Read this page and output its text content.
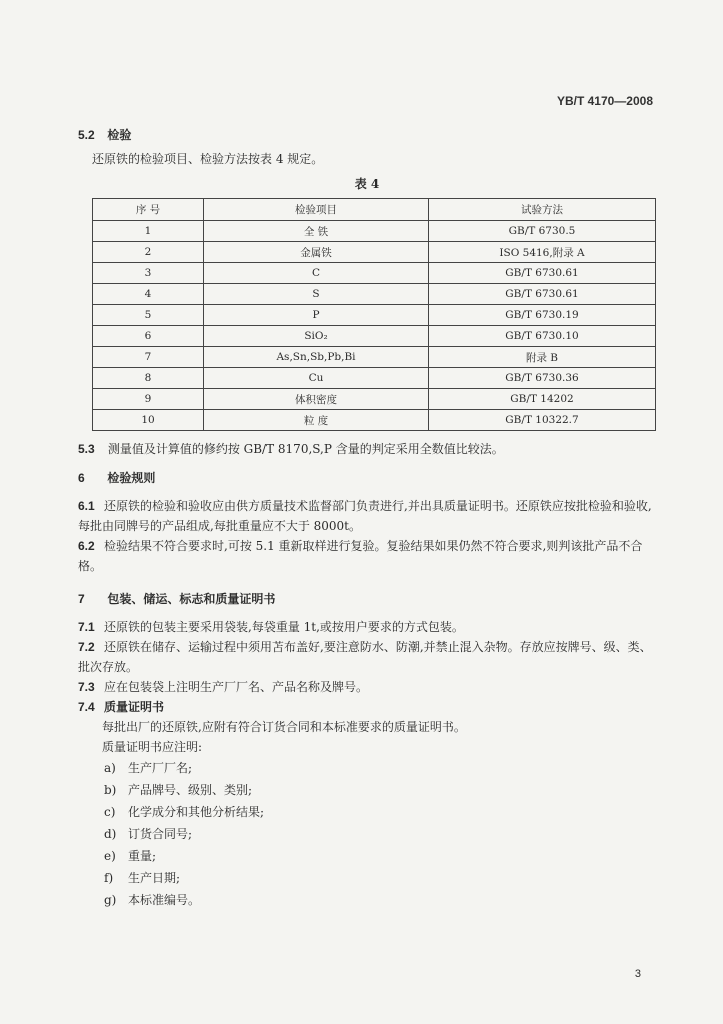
YB/T 4170—2008

5.2 检验

还原铁的检验项目、检验方法按表 4 规定。

表 4
序 号	检验项目	试验方法
1	全 铁	GB/T 6730.5
2	金属铁	ISO 5416,附录 A
3	C	GB/T 6730.61
4	S	GB/T 6730.61
5	P	GB/T 6730.19
6	SiO₂	GB/T 6730.10
7	As,Sn,Sb,Pb,Bi	附录 B
8	Cu	GB/T 6730.36
9	体积密度	GB/T 14202
10	粒 度	GB/T 10322.7

5.3 测量值及计算值的修约按 GB/T 8170,S,P 含量的判定采用全数值比较法。

6 检验规则

6.1 还原铁的检验和验收应由供方质量技术监督部门负责进行,并出具质量证明书。还原铁应按批检验和验收,每批由同牌号的产品组成,每批重量应不大于 8000t。

6.2 检验结果不符合要求时,可按 5.1 重新取样进行复验。复验结果如果仍然不符合要求,则判该批产品不合格。

7 包装、储运、标志和质量证明书

7.1 还原铁的包装主要采用袋装,每袋重量 1t,或按用户要求的方式包装。

7.2 还原铁在储存、运输过程中须用苫布盖好,要注意防水、防潮,并禁止混入杂物。存放应按牌号、级、类、批次存放。

7.3 应在包装袋上注明生产厂厂名、产品名称及牌号。

7.4 质量证明书

每批出厂的还原铁,应附有符合订货合同和本标准要求的质量证明书。

质量证明书应注明:

a) 生产厂厂名;
b) 产品牌号、级别、类别;
c) 化学成分和其他分析结果;
d) 订货合同号;
e) 重量;
f) 生产日期;
g) 本标准编号。
3
